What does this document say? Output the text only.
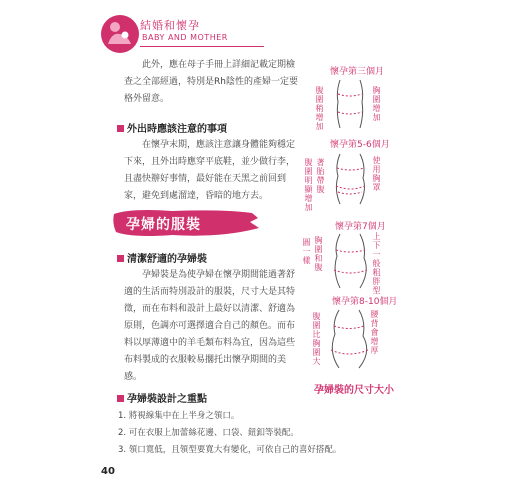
結婚和懷孕
BABY AND MOTHER

此外，應在母子手冊上詳細記載定期檢查之全部經過，特別是Rh陰性的產婦一定要格外留意。

外出時應該注意的事項

在懷孕末期，應該注意讓身體能夠穩定下來，且外出時應穿平底鞋，並少做行李，且盡快辦好事情，最好能在天黑之前回到家，避免到處溜達，昏暗的地方去。

孕婦的服裝
清潔舒適的孕婦裝

孕婦裝是為使孕婦在懷孕期間能過著舒適的生活而特別設計的服裝，尺寸大是其特徵，而在布料和設計上最好以清潔、舒適為原則，色調亦可選擇適合自己的顏色。而布料以厚薄適中的羊毛類布料為宜，因為這些布料製成的衣服較易擱托出懷孕期間的美感。

孕婦裝設計之重點
1. 將視線集中在上半身之領口。
2. 可在衣服上加蕾絲花邊、口袋、鈕釦等裝配。
3. 領口寬低，且領型要寬大有變化，可依自己的喜好搭配。
懷孕第三個月
腹圍稍增加
胸圍增加
懷孕第5-6個月
腹圍明顯增加
著胎帶腹
使用胸罩
懷孕第7個月
圓一樣
胸圍和腹
上下一般粗胖型
懷孕第8-10個月
腹圍比胸圍大
腰背會增厚
孕婦裝的尺寸大小
40
